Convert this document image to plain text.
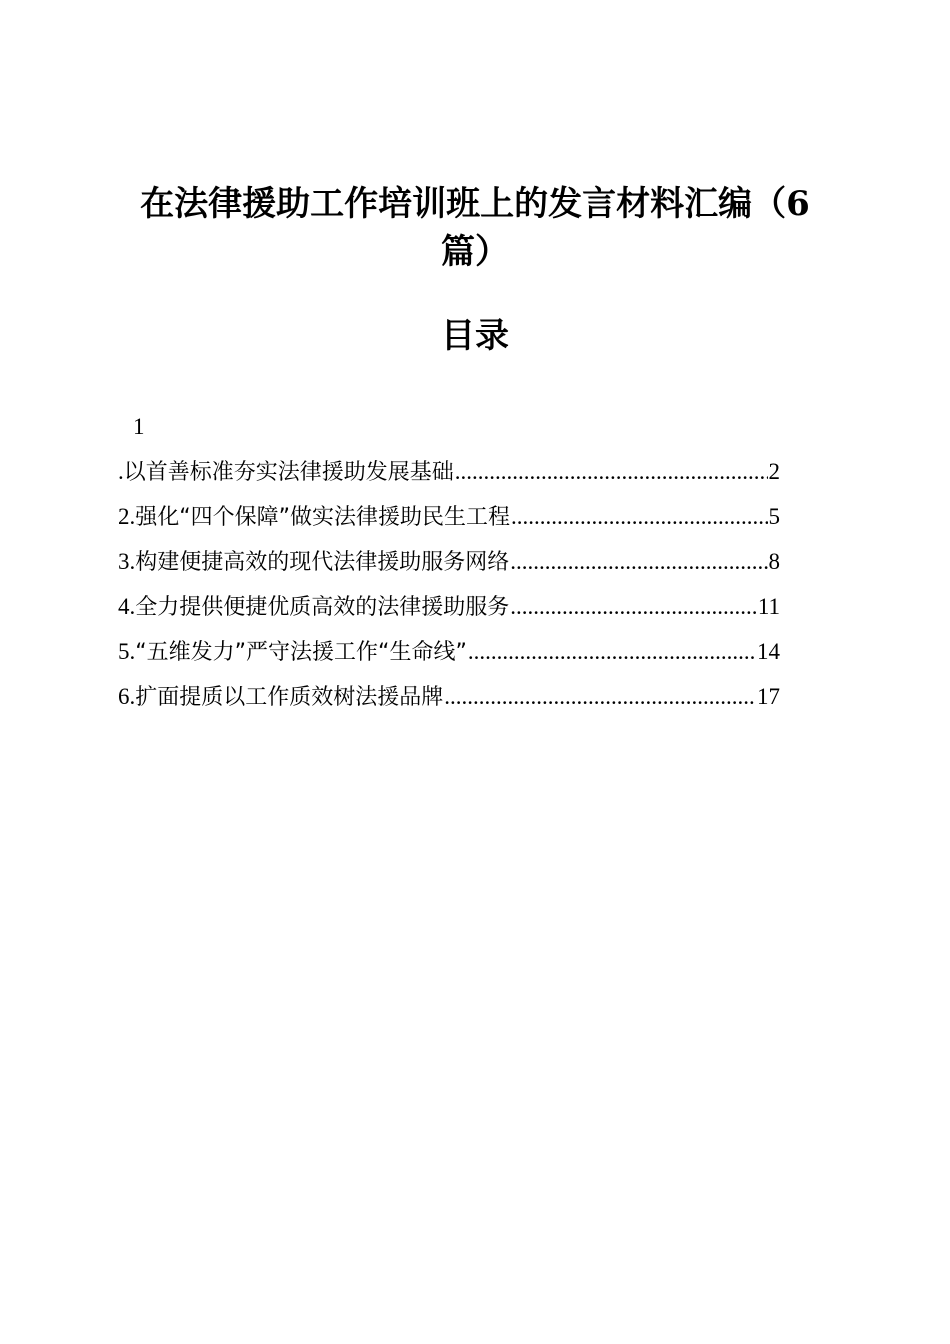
在法律援助工作培训班上的发言材料汇编（6篇）
目录
1
. 以首善标准夯实法律援助发展基础 .....	2
2. 强化“四个保障”做实法律援助民生工程 .....	5
3. 构建便捷高效的现代法律援助服务网络 .....	8
4. 全力提供便捷优质高效的法律援助服务 .....	11
5. “五维发力”严守法援工作“生命线” .....	14
6. 扩面提质以工作质效树法援品牌 .....	17
